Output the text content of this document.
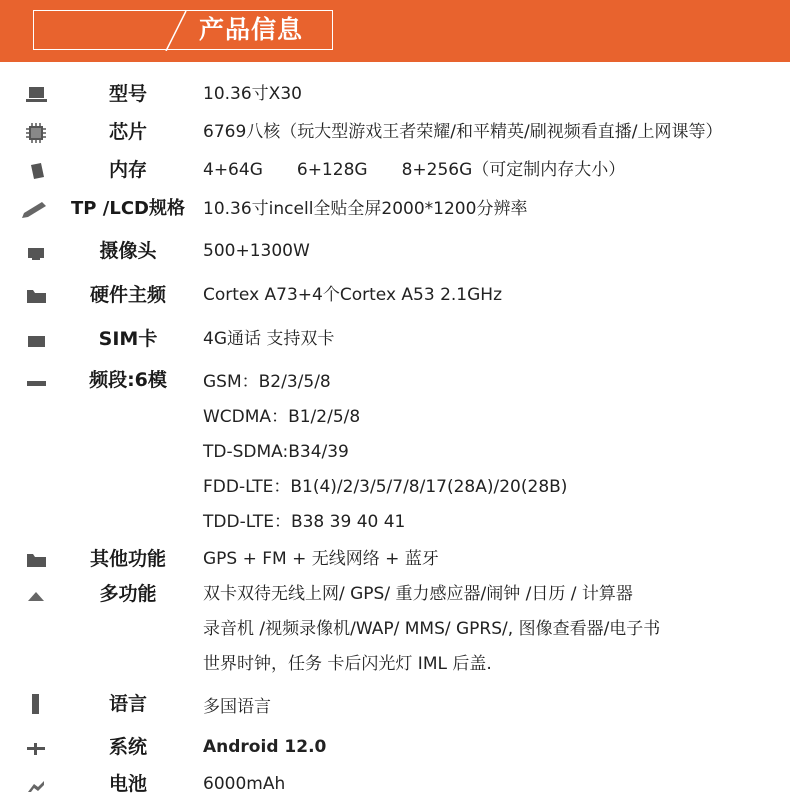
产品信息
型号	10.36寸X30
芯片	6769八核（玩大型游戏王者荣耀/和平精英/刷视频看直播/上网课等）
内存	4+64G 6+128G 8+256G（可定制内存大小）
TP /LCD规格	10.36寸incell全贴全屏2000*1200分辨率
摄像头	500+1300W
硬件主频	Cortex A73+4个Cortex A53 2.1GHz
SIM卡	4G通话 支持双卡
频段:6模	GSM：B2/3/5/8
WCDMA：B1/2/5/8
TD-SDMA:B34/39
FDD-LTE：B1(4)/2/3/5/7/8/17(28A)/20(28B)
TDD-LTE：B38 39 40 41
其他功能	GPS + FM + 无线网络 + 蓝牙
多功能	双卡双待无线上网/ GPS/ 重力感应器/闹钟 /日历 / 计算器
录音机 /视频录像机/WAP/ MMS/ GPRS/, 图像查看器/电子书
世界时钟，任务 卡后闪光灯 IML 后盖.
语言	多国语言
系统	Android 12.0
电池	6000mAh
